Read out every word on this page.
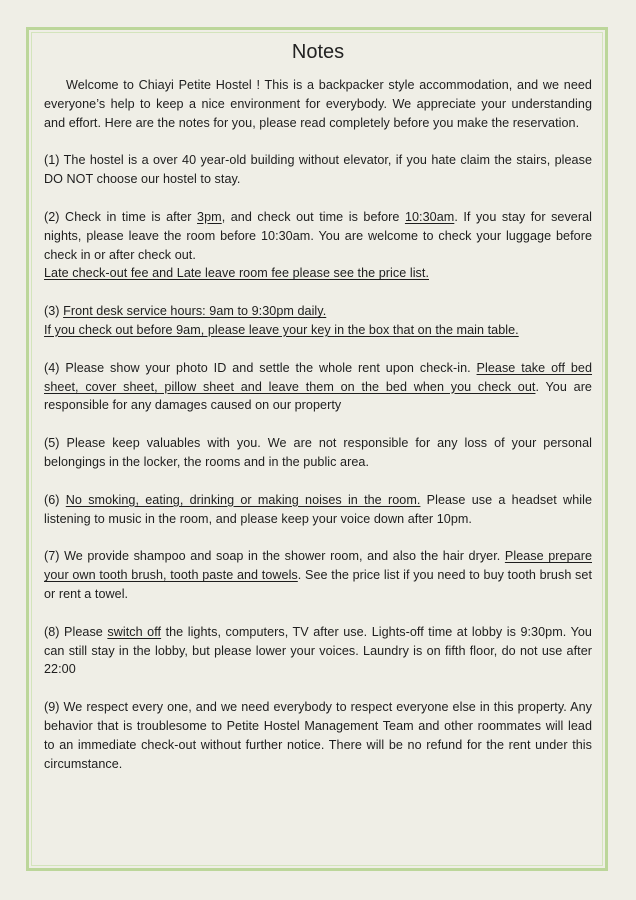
Notes

Welcome to Chiayi Petite Hostel ! This is a backpacker style accommodation, and we need everyone’s help to keep a nice environment for everybody. We appreciate your understanding and effort. Here are the notes for you, please read completely before you make the reservation.

(1) The hostel is a over 40 year-old building without elevator, if you hate claim the stairs, please DO NOT choose our hostel to stay.

(2) Check in time is after 3pm, and check out time is before 10:30am. If you stay for several nights, please leave the room before 10:30am. You are welcome to check your luggage before check in or after check out.
Late check-out fee and Late leave room fee please see the price list.

(3) Front desk service hours: 9am to 9:30pm daily.
If you check out before 9am, please leave your key in the box that on the main table.

(4) Please show your photo ID and settle the whole rent upon check-in. Please take off bed sheet, cover sheet, pillow sheet and leave them on the bed when you check out. You are responsible for any damages caused on our property

(5) Please keep valuables with you. We are not responsible for any loss of your personal belongings in the locker, the rooms and in the public area.

(6) No smoking, eating, drinking or making noises in the room. Please use a headset while listening to music in the room, and please keep your voice down after 10pm.

(7) We provide shampoo and soap in the shower room, and also the hair dryer. Please prepare your own tooth brush, tooth paste and towels. See the price list if you need to buy tooth brush set or rent a towel.

(8) Please switch off the lights, computers, TV after use. Lights-off time at lobby is 9:30pm. You can still stay in the lobby, but please lower your voices. Laundry is on fifth floor, do not use after 22:00

(9) We respect every one, and we need everybody to respect everyone else in this property. Any behavior that is troublesome to Petite Hostel Management Team and other roommates will lead to an immediate check-out without further notice. There will be no refund for the rent under this circumstance.
